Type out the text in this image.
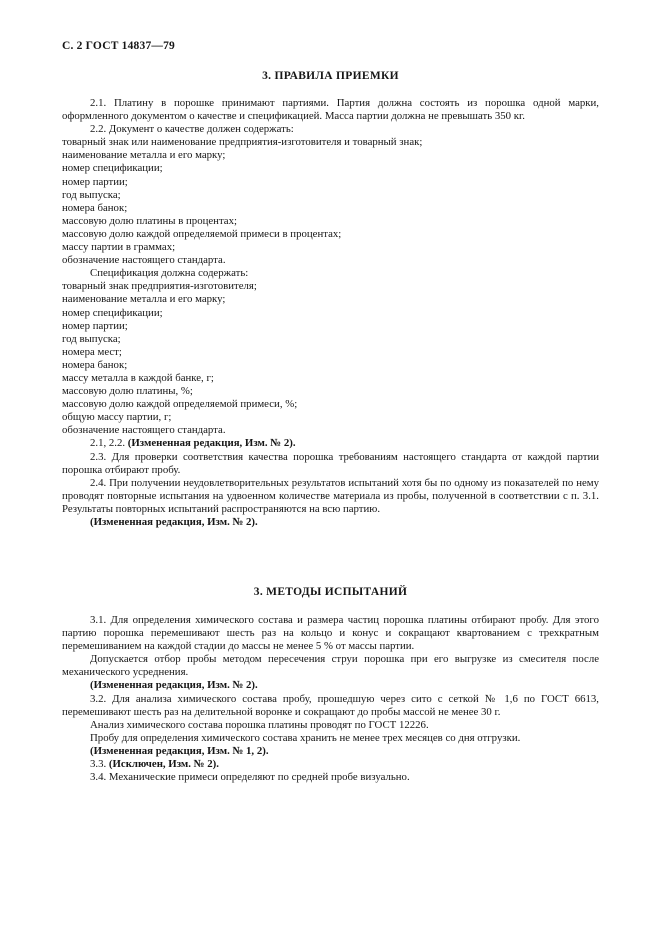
С. 2 ГОСТ 14837—79
3. ПРАВИЛА ПРИЕМКИ

2.1. Платину в порошке принимают партиями. Партия должна состоять из порошка одной марки, оформленного документом о качестве и спецификацией. Масса партии должна не превышать 350 кг.

2.2. Документ о качестве должен содержать:

товарный знак или наименование предприятия-изготовителя и товарный знак;

наименование металла и его марку;

номер спецификации;

номер партии;

год выпуска;

номера банок;

массовую долю платины в процентах;

массовую долю каждой определяемой примеси в процентах;

массу партии в граммах;

обозначение настоящего стандарта.

Спецификация должна содержать:

товарный знак предприятия-изготовителя;

наименование металла и его марку;

номер спецификации;

номер партии;

год выпуска;

номера мест;

номера банок;

массу металла в каждой банке, г;

массовую долю платины, %;

массовую долю каждой определяемой примеси, %;

общую массу партии, г;

обозначение настоящего стандарта.

2.1, 2.2. (Измененная редакция, Изм. № 2).

2.3. Для проверки соответствия качества порошка требованиям настоящего стандарта от каждой партии порошка отбирают пробу.

2.4. При получении неудовлетворительных результатов испытаний хотя бы по одному из показателей по нему проводят повторные испытания на удвоенном количестве материала из пробы, полученной в соответствии с п. 3.1. Результаты повторных испытаний распространяются на всю партию.

(Измененная редакция, Изм. № 2).

3. МЕТОДЫ ИСПЫТАНИЙ

3.1. Для определения химического состава и размера частиц порошка платины отбирают пробу. Для этого партию порошка перемешивают шесть раз на кольцо и конус и сокращают квартованием с трехкратным перемешиванием на каждой стадии до массы не менее 5 % от массы партии.

Допускается отбор пробы методом пересечения струи порошка при его выгрузке из смесителя после механического усреднения.

(Измененная редакция, Изм. № 2).

3.2. Для анализа химического состава пробу, прошедшую через сито с сеткой № 1,6 по ГОСТ 6613, перемешивают шесть раз на делительной воронке и сокращают до пробы массой не менее 30 г.

Анализ химического состава порошка платины проводят по ГОСТ 12226.

Пробу для определения химического состава хранить не менее трех месяцев со дня отгрузки.

(Измененная редакция, Изм. № 1, 2).

3.3. (Исключен, Изм. № 2).

3.4. Механические примеси определяют по средней пробе визуально.
